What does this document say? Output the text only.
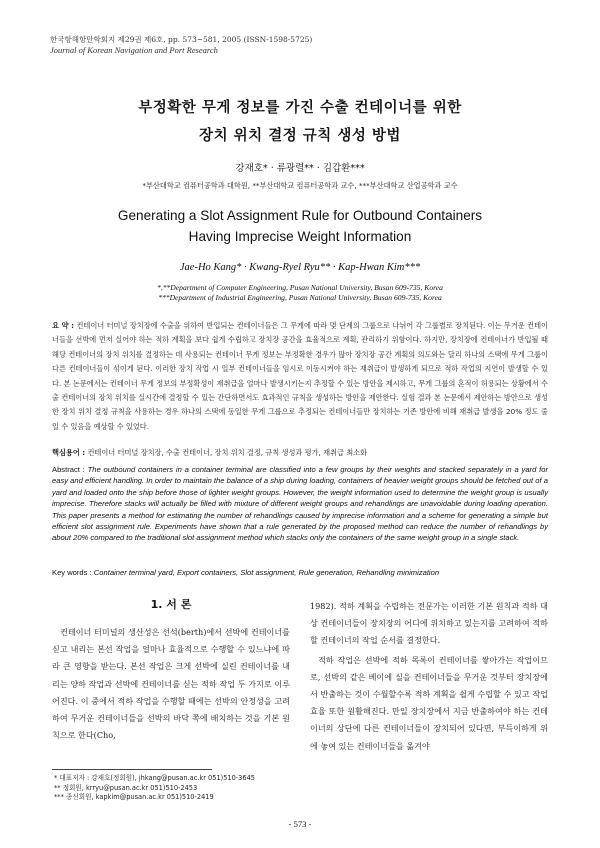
한국항해항만학회지 제29권 제6호, pp. 573~581, 2005 (ISSN-1598-5725)
Journal of Korean Navigation and Port Research
부정확한 무게 정보를 가진 수출 컨테이너를 위한
장치 위치 결정 규칙 생성 방법
강재호* · 류광렬** · 김갑환***
*부산대학교 컴퓨터공학과 대학원, **부산대학교 컴퓨터공학과 교수, ***부산대학교 산업공학과 교수
Generating a Slot Assignment Rule for Outbound Containers
Having Imprecise Weight Information
Jae-Ho Kang* · Kwang-Ryel Ryu** · Kap-Hwan Kim***
*,**Department of Computer Engineering, Pusan National University, Busan 609-735, Korea
***Department of Industrial Engineering, Pusan National University, Busan 609-735, Korea
요 약 : 컨테이너 터미널 장치장에 수출을 위하여 반입되는 컨테이너들은 그 무게에 따라 몇 단계의 그룹으로 나뉘어 각 그룹별로 장치된다. 이는 무거운 컨테이너들을 선박에 먼저 실어야 하는 적하 계획을 보다 쉽게 수립하고 장치장 공간을 효율적으로 계획, 관리하기 위함이다. 하지만, 장치장에 컨테이너가 반입될 때 해당 컨테이너의 장치 위치를 결정하는 데 사용되는 컨테이너 무게 정보는 부정확한 경우가 많아 장치장 공간 계획의 의도와는 달리 하나의 스택에 무게 그룹이 다른 컨테이너들이 섞이게 된다. 이러한 장치 작업 시 일부 컨테이너들을 임시로 이동시켜야 하는 재취급이 발생하게 되므로 적하 작업의 지연이 발생할 수 있다. 본 논문에서는 컨테이너 무게 정보의 부정확성이 재취급을 얼마나 발생시키는지 추정할 수 있는 방안을 제시하고, 무게 그룹의 혼적이 허용되는 상황에서 수출 컨테이너의 장치 위치를 실시간에 결정할 수 있는 간단하면서도 효과적인 규칙을 생성하는 방안을 제안한다. 실험 결과 본 논문에서 제안하는 방안으로 생성한 장치 위치 결정 규칙을 사용하는 경우 하나의 스택에 동일한 무게 그룹으로 추정되는 컨테이너들만 장치하는 기존 방안에 비해 재취급 발생을 20% 정도 줄일 수 있음을 예상할 수 있었다.
핵심용어 : 컨테이너 터미널 장치장, 수출 컨테이너, 장치 위치 결정, 규칙 생성과 평가, 재취급 최소화
Abstract : The outbound containers in a container terminal are classified into a few groups by their weights and stacked separately in a yard for easy and efficient handling. In order to maintain the balance of a ship during loading, containers of heavier weight groups should be fetched out of a yard and loaded onto the ship before those of lighter weight groups. However, the weight information used to determine the weight group is usually imprecise. Therefore stacks will actually be filled with mixture of different weight groups and rehandlings are unavoidable during loading operation. This paper presents a method for estimating the number of rehandlings caused by imprecise information and a scheme for generating a simple but efficient slot assignment rule. Experiments have shown that a rule generated by the proposed method can reduce the number of rehandlings by about 20% compared to the traditional slot assignment method which stacks only the containers of the same weight group in a single stack.
Key words : Container terminal yard, Export containers, Slot assignment, Rule generation, Rehandling minimization
1. 서 론
컨테이너 터미널의 생산성은 선석(berth)에서 선박에 컨테이너를 싣고 내리는 본선 작업을 얼마나 효율적으로 수행할 수 있느냐에 따라 큰 영향을 받는다. 본선 작업은 크게 선박에 실린 컨테이너를 내리는 양하 작업과 선박에 컨테이너를 싣는 적하 작업 두 가지로 이루어진다. 이 중에서 적하 작업을 수행할 때에는 선박의 안정성을 고려하여 무거운 컨테이너들을 선박의 바닥 쪽에 배치하는 것을 기본 원칙으로 한다(Cho,
1982). 적하 계획을 수립하는 전문가는 이러한 기본 원칙과 적하 대상 컨테이너들이 장치장의 어디에 위치하고 있는지를 고려하여 적하할 컨테이너의 작업 순서를 결정한다.
적하 작업은 선박에 적하 목록이 컨테이너를 쌓아가는 작업이므로, 선박의 같은 베이에 실을 컨테이너들을 무거운 것부터 장치장에서 반출하는 것이 수월할수록 적하 계획을 쉽게 수립할 수 있고 작업 효율 또한 원활해진다. 만일 장치장에서 지금 반출하여야 하는 컨테이너의 상단에 다른 컨테이너들이 장치되어 있다면, 부득이하게 위에 놓여 있는 컨테이너들을 옮겨야
* 대표저자 : 강재호(정회원), jhkang@pusan.ac.kr 051)510-3645
** 정회원, krryu@pusan.ac.kr 051)510-2453
*** 종신회원, kapkim@pusan.ac.kr 051)510-2419
- 573 -
